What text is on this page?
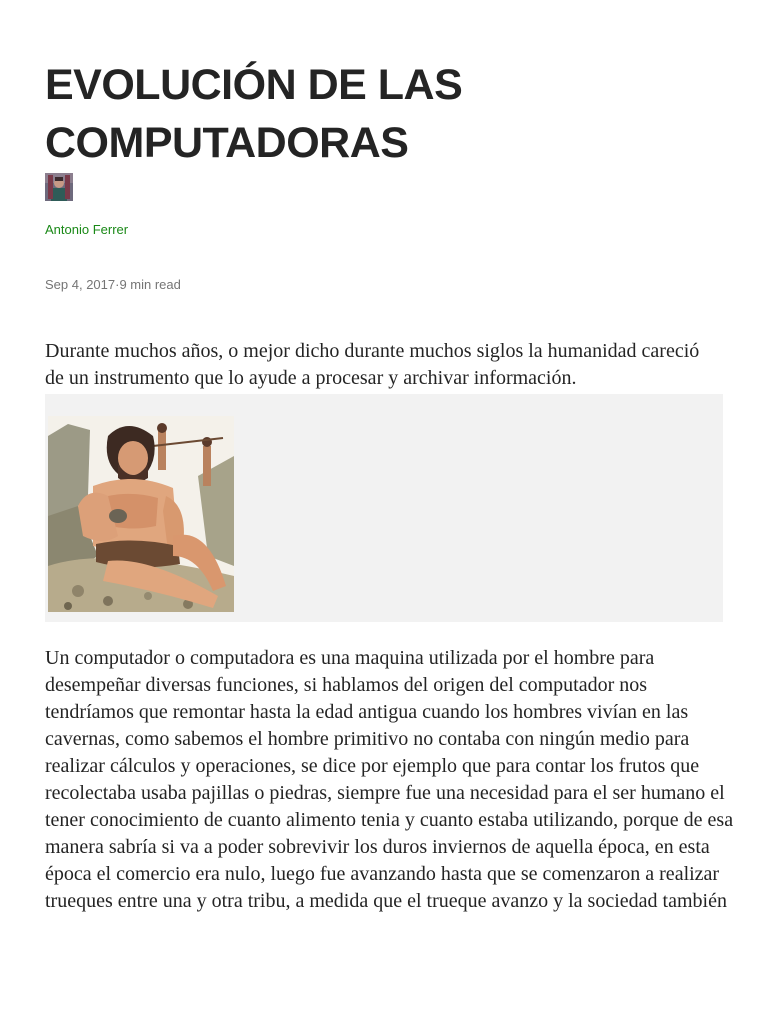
EVOLUCIÓN DE LAS COMPUTADORAS
Antonio Ferrer
Sep 4, 2017·9 min read

Durante muchos años, o mejor dicho durante muchos siglos la humanidad careció de un instrumento que lo ayude a procesar y archivar información.

Un computador o computadora es una maquina utilizada por el hombre para desempeñar diversas funciones, si hablamos del origen del computador nos tendríamos que remontar hasta la edad antigua cuando los hombres vivían en las cavernas, como sabemos el hombre primitivo no contaba con ningún medio para realizar cálculos y operaciones, se dice por ejemplo que para contar los frutos que recolectaba usaba pajillas o piedras, siempre fue una necesidad para el ser humano el tener conocimiento de cuanto alimento tenia y cuanto estaba utilizando, porque de esa manera sabría si va a poder sobrevivir los duros inviernos de aquella época, en esta época el comercio era nulo, luego fue avanzando hasta que se comenzaron a realizar trueques entre una y otra tribu, a medida que el trueque avanzo y la sociedad también
